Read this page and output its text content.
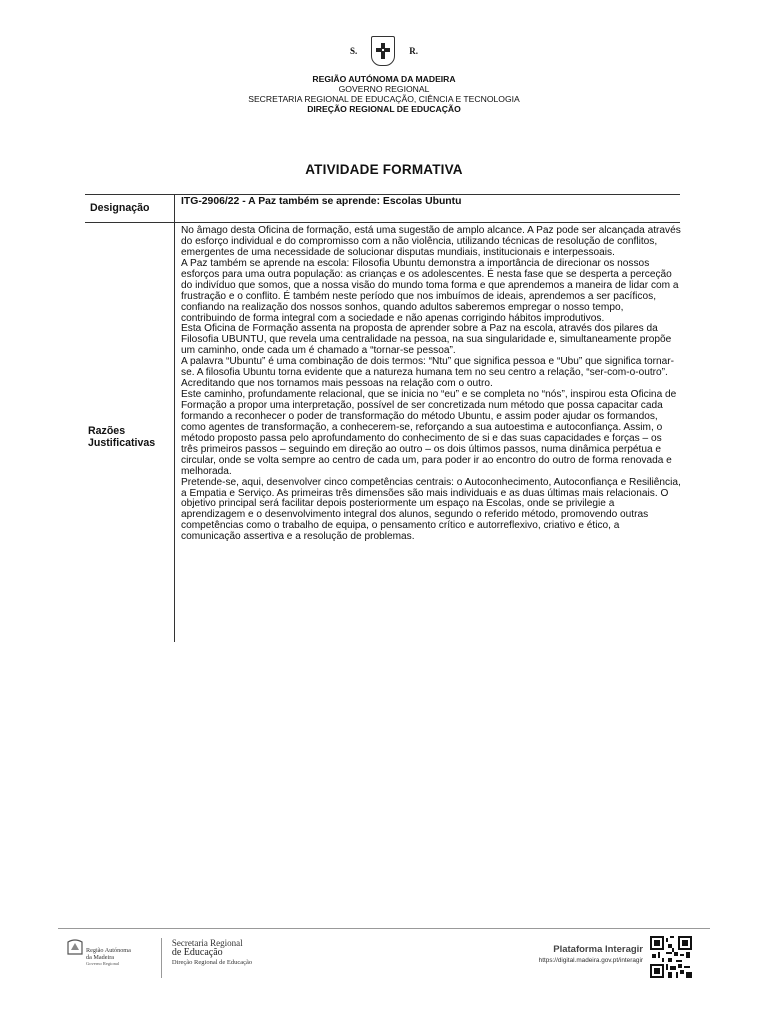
S.	R.
REGIÃO AUTÓNOMA DA MADEIRA
GOVERNO REGIONAL
SECRETARIA REGIONAL DE EDUCAÇÃO, CIÊNCIA E TECNOLOGIA
DIREÇÃO REGIONAL DE EDUCAÇÃO
ATIVIDADE FORMATIVA
Designação
ITG-2906/22 - A Paz também se aprende: Escolas Ubuntu
Razões
Justificativas

No âmago desta Oficina de formação, está uma sugestão de amplo alcance. A Paz pode ser alcançada através do esforço individual e do compromisso com a não violência, utilizando técnicas de resolução de conflitos, emergentes de uma necessidade de solucionar disputas mundiais, institucionais e interpessoais.

A Paz também se aprende na escola: Filosofia Ubuntu demonstra a importância de direcionar os nossos esforços para uma outra população: as crianças e os adolescentes. É nesta fase que se desperta a perceção do indivíduo que somos, que a nossa visão do mundo toma forma e que aprendemos a maneira de lidar com a frustração e o conflito. É também neste período que nos imbuímos de ideais, aprendemos a ser pacíficos, confiando na realização dos nossos sonhos, quando adultos saberemos empregar o nosso tempo, contribuindo de forma integral com a sociedade e não apenas corrigindo hábitos improdutivos.

Esta Oficina de Formação assenta na proposta de aprender sobre a Paz na escola, através dos pilares da Filosofia UBUNTU, que revela uma centralidade na pessoa, na sua singularidade e, simultaneamente propõe um caminho, onde cada um é chamado a “tornar-se pessoa”.

A palavra “Ubuntu” é uma combinação de dois termos: “Ntu” que significa pessoa e “Ubu” que significa tornar-se. A filosofia Ubuntu torna evidente que a natureza humana tem no seu centro a relação, “ser-com-o-outro”. Acreditando que nos tornamos mais pessoas na relação com o outro.

Este caminho, profundamente relacional, que se inicia no “eu” e se completa no “nós”, inspirou esta Oficina de Formação a propor uma interpretação, possível de ser concretizada num método que possa capacitar cada formando a reconhecer o poder de transformação do método Ubuntu, e assim poder ajudar os formandos, como agentes de transformação, a conhecerem-se, reforçando a sua autoestima e autoconfiança. Assim, o método proposto passa pelo aprofundamento do conhecimento de si e das suas capacidades e forças – os três primeiros passos – seguindo em direção ao outro – os dois últimos passos, numa dinâmica perpétua e circular, onde se volta sempre ao centro de cada um, para poder ir ao encontro do outro de forma renovada e melhorada.

Pretende-se, aqui, desenvolver cinco competências centrais: o Autoconhecimento, Autoconfiança e Resiliência, a Empatia e Serviço. As primeiras três dimensões são mais individuais e as duas últimas mais relacionais. O objetivo principal será facilitar depois posteriormente um espaço na Escolas, onde se privilegie a aprendizagem e o desenvolvimento integral dos alunos, segundo o referido método, promovendo outras competências como o trabalho de equipa, o pensamento crítico e autorreflexivo, criativo e ético, a comunicação assertiva e a resolução de problemas.

Região Autónoma
da Madeira
Governo Regional
Secretaria Regional
de Educação
Direção Regional de Educação
Plataforma Interagir
https://digital.madeira.gov.pt/interagir
